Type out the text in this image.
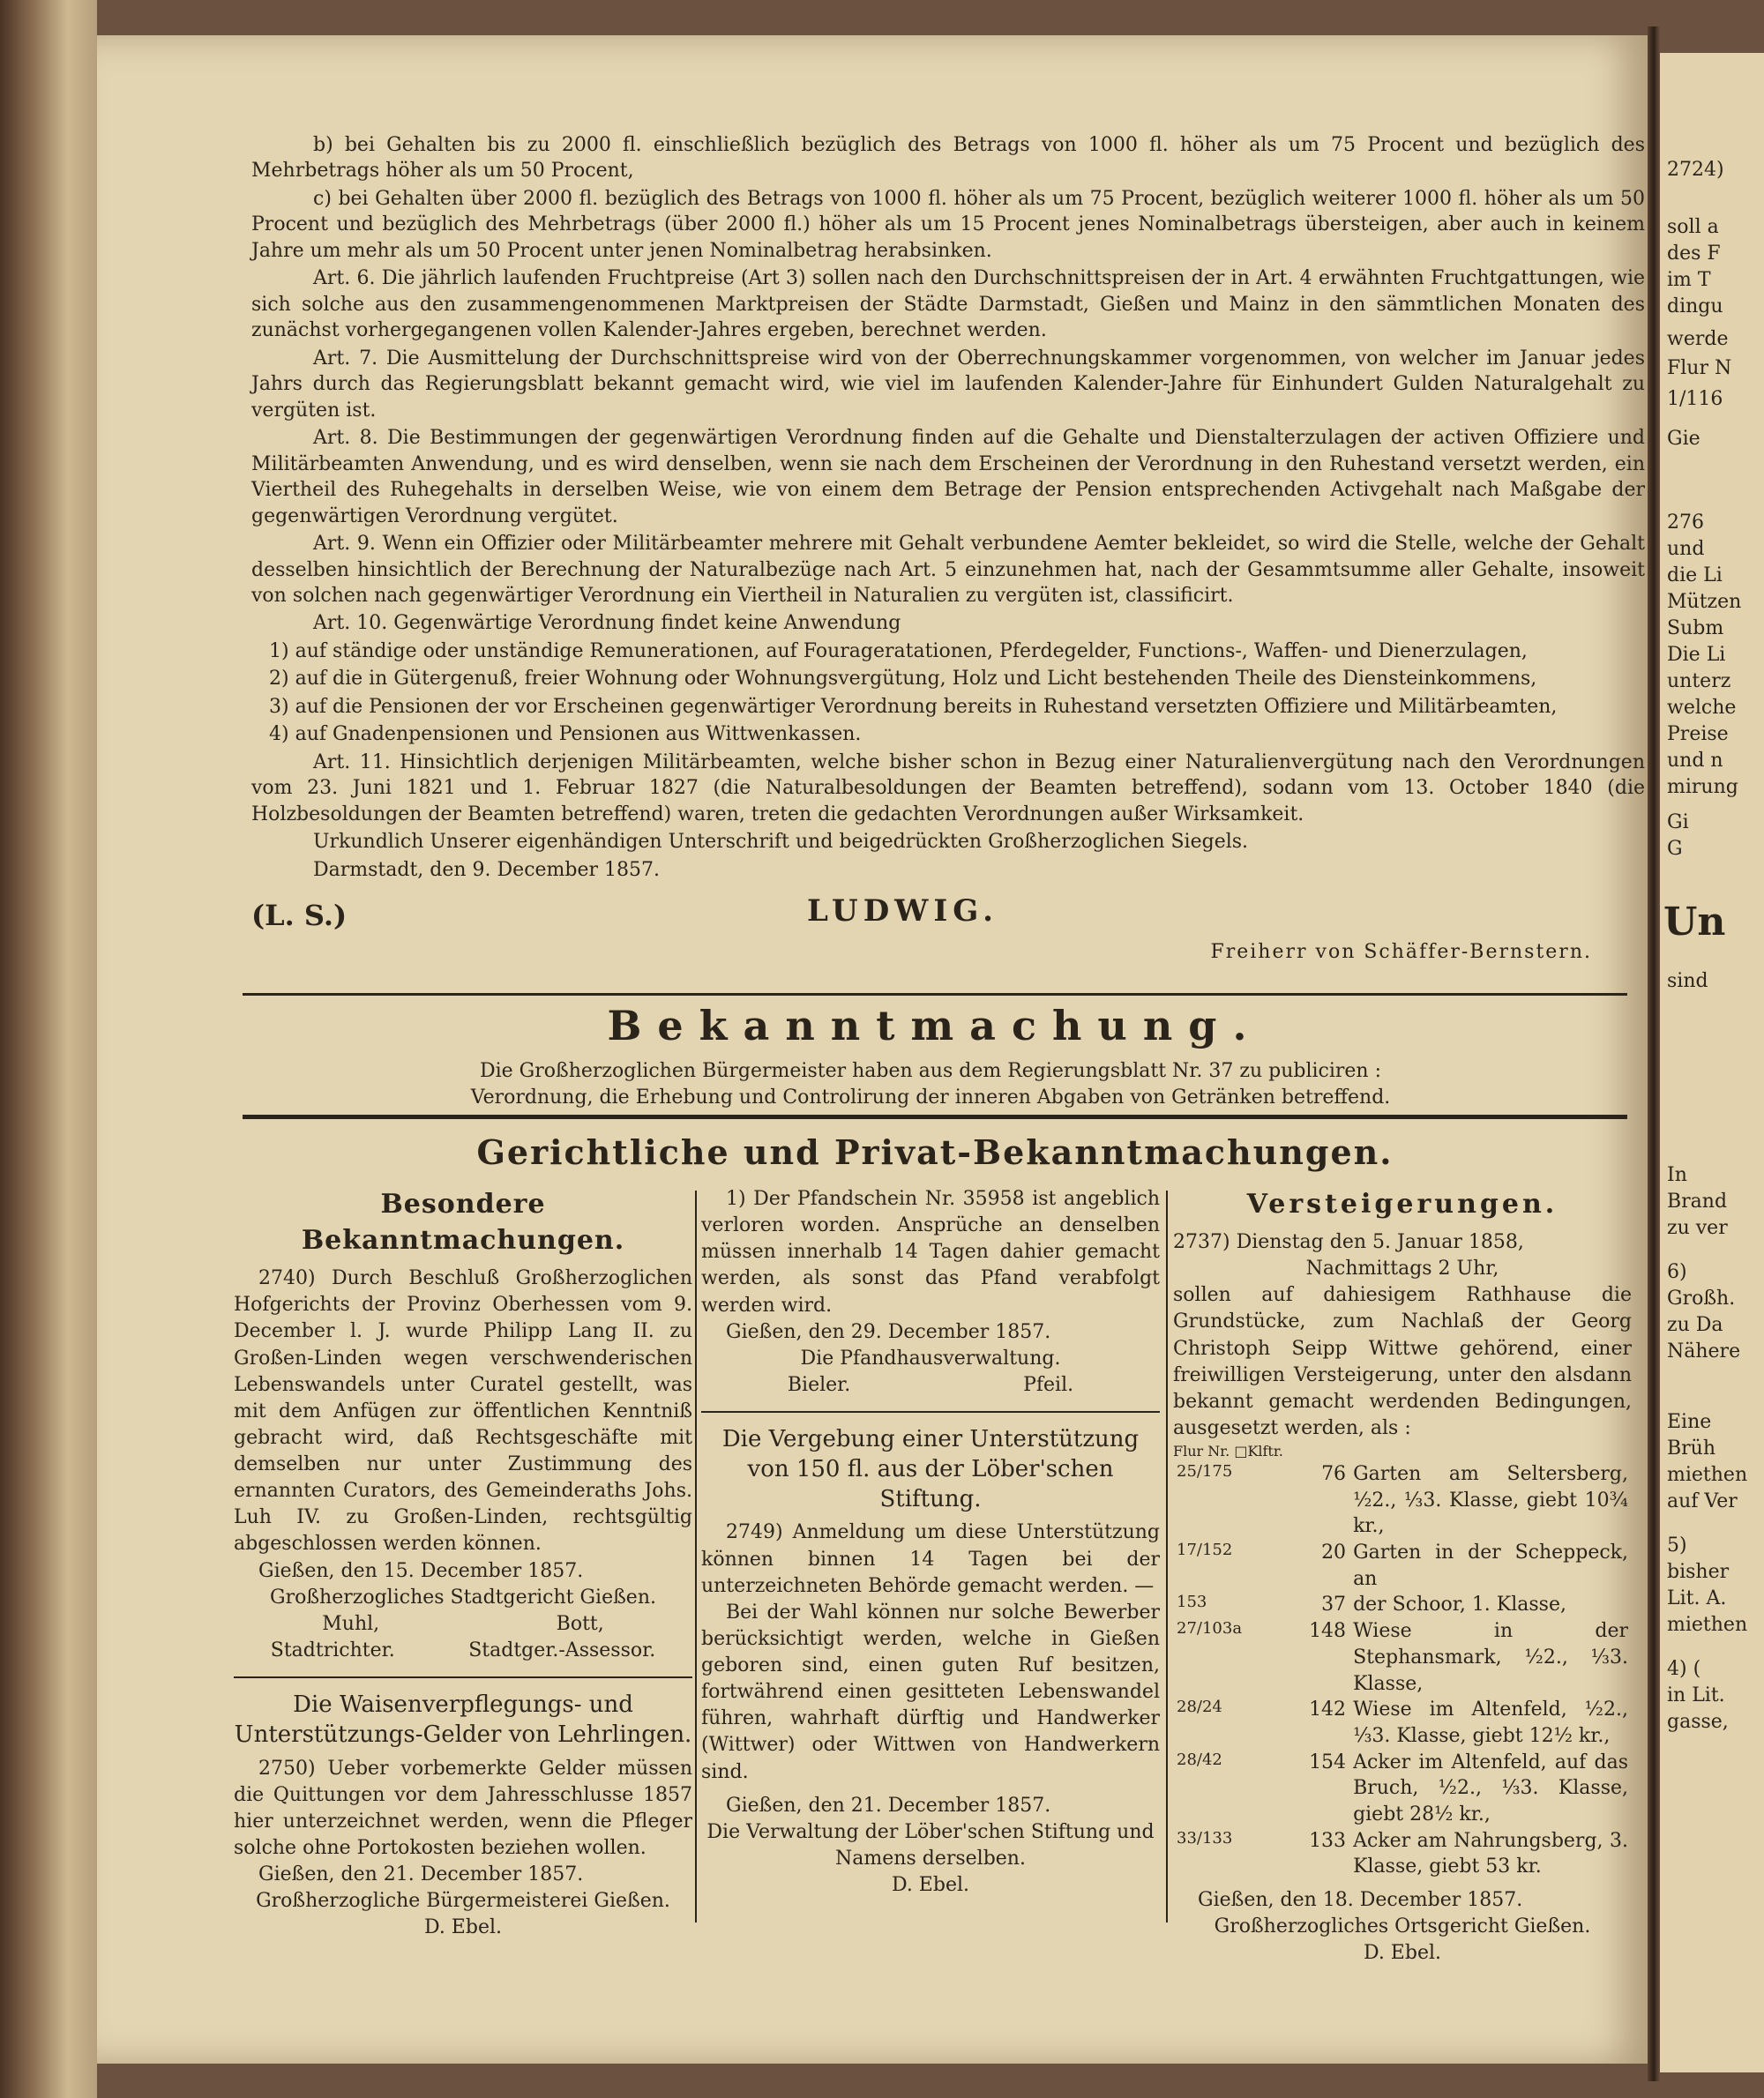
2724)
soll a
des F
im T
dingu
werde
Flur N
1/116
Gie
276
und
die Li
Mützen
Subm
Die Li
unterz
welche
Preise
und n
mirung
Gi
G
Un
sind
In
Brand
zu ver
6)
Großh.
zu Da
Nähere
Eine
Brüh
miethen
auf Ver
5)
bisher
Lit. A.
miethen
4) (
in Lit.
gasse,

b) bei Gehalten bis zu 2000 fl. einschließlich bezüglich des Betrags von 1000 fl. höher als um 75 Procent und bezüglich des Mehrbetrags höher als um 50 Procent,

c) bei Gehalten über 2000 fl. bezüglich des Betrags von 1000 fl. höher als um 75 Procent, bezüglich weiterer 1000 fl. höher als um 50 Procent und bezüglich des Mehrbetrags (über 2000 fl.) höher als um 15 Procent jenes Nominalbetrags übersteigen, aber auch in keinem Jahre um mehr als um 50 Procent unter jenen Nominalbetrag herabsinken.

Art. 6. Die jährlich laufenden Fruchtpreise (Art 3) sollen nach den Durchschnittspreisen der in Art. 4 erwähnten Fruchtgattungen, wie sich solche aus den zusammengenommenen Marktpreisen der Städte Darmstadt, Gießen und Mainz in den sämmtlichen Monaten des zunächst vorhergegangenen vollen Kalender-Jahres ergeben, berechnet werden.

Art. 7. Die Ausmittelung der Durchschnittspreise wird von der Oberrechnungskammer vorgenommen, von welcher im Januar jedes Jahrs durch das Regierungsblatt bekannt gemacht wird, wie viel im laufenden Kalender-Jahre für Einhundert Gulden Naturalgehalt zu vergüten ist.

Art. 8. Die Bestimmungen der gegenwärtigen Verordnung finden auf die Gehalte und Dienstalterzulagen der activen Offiziere und Militärbeamten Anwendung, und es wird denselben, wenn sie nach dem Erscheinen der Verordnung in den Ruhestand versetzt werden, ein Viertheil des Ruhegehalts in derselben Weise, wie von einem dem Betrage der Pension entsprechenden Activgehalt nach Maßgabe der gegenwärtigen Verordnung vergütet.

Art. 9. Wenn ein Offizier oder Militärbeamter mehrere mit Gehalt verbundene Aemter bekleidet, so wird die Stelle, welche der Gehalt desselben hinsichtlich der Berechnung der Naturalbezüge nach Art. 5 einzunehmen hat, nach der Gesammtsumme aller Gehalte, insoweit von solchen nach gegenwärtiger Verordnung ein Viertheil in Naturalien zu vergüten ist, classificirt.

Art. 10. Gegenwärtige Verordnung findet keine Anwendung

1) auf ständige oder unständige Remunerationen, auf Fourageratationen, Pferdegelder, Functions-, Waffen- und Dienerzulagen,

2) auf die in Gütergenuß, freier Wohnung oder Wohnungsvergütung, Holz und Licht bestehenden Theile des Diensteinkommens,

3) auf die Pensionen der vor Erscheinen gegenwärtiger Verordnung bereits in Ruhestand versetzten Offiziere und Militärbeamten,

4) auf Gnadenpensionen und Pensionen aus Wittwenkassen.

Art. 11. Hinsichtlich derjenigen Militärbeamten, welche bisher schon in Bezug einer Naturalienvergütung nach den Verordnungen vom 23. Juni 1821 und 1. Februar 1827 (die Naturalbesoldungen der Beamten betreffend), sodann vom 13. October 1840 (die Holzbesoldungen der Beamten betreffend) waren, treten die gedachten Verordnungen außer Wirksamkeit.

Urkundlich Unserer eigenhändigen Unterschrift und beigedrückten Großherzoglichen Siegels.

Darmstadt, den 9. December 1857.

(L. S.)	LUDWIG.
Freiherr von Schäffer-Bernstern.
Bekanntmachung.
Die Großherzoglichen Bürgermeister haben aus dem Regierungsblatt Nr. 37 zu publiciren :
Verordnung, die Erhebung und Controlirung der inneren Abgaben von Getränken betreffend.
Gerichtliche und Privat-Bekanntmachungen.
Besondere Bekanntmachungen.

2740) Durch Beschluß Großherzoglichen Hofgerichts der Provinz Oberhessen vom 9. December l. J. wurde Philipp Lang II. zu Großen-Linden wegen verschwenderischen Lebenswandels unter Curatel gestellt, was mit dem Anfügen zur öffentlichen Kenntniß gebracht wird, daß Rechtsgeschäfte mit demselben nur unter Zustimmung des ernannten Curators, des Gemeinderaths Johs. Luh IV. zu Großen-Linden, rechtsgültig abgeschlossen werden können.

Gießen, den 15. December 1857.

Großherzogliches Stadtgericht Gießen.

Muhl,	Bott,
Stadtrichter.	Stadtger.-Assessor.
Die Waisenverpflegungs- und Unterstützungs-Gelder von Lehrlingen.

2750) Ueber vorbemerkte Gelder müssen die Quittungen vor dem Jahresschlusse 1857 hier unterzeichnet werden, wenn die Pfleger solche ohne Portokosten beziehen wollen.

Gießen, den 21. December 1857.

Großherzogliche Bürgermeisterei Gießen.

D. Ebel.

1) Der Pfandschein Nr. 35958 ist angeblich verloren worden. Ansprüche an denselben müssen innerhalb 14 Tagen dahier gemacht werden, als sonst das Pfand verabfolgt werden wird.

Gießen, den 29. December 1857.

Die Pfandhausverwaltung.

Bieler.	Pfeil.
Die Vergebung einer Unterstützung von 150 fl. aus der Löber'schen Stiftung.

2749) Anmeldung um diese Unterstützung können binnen 14 Tagen bei der unterzeichneten Behörde gemacht werden. —

Bei der Wahl können nur solche Bewerber berücksichtigt werden, welche in Gießen geboren sind, einen guten Ruf besitzen, fortwährend einen gesitteten Lebenswandel führen, wahrhaft dürftig und Handwerker (Wittwer) oder Wittwen von Handwerkern sind.

Gießen, den 21. December 1857.

Die Verwaltung der Löber'schen Stiftung und Namens derselben.

D. Ebel.

Versteigerungen.

2737) Dienstag den 5. Januar 1858,

Nachmittags 2 Uhr,

sollen auf dahiesigem Rathhause die Grundstücke, zum Nachlaß der Georg Christoph Seipp Wittwe gehörend, einer freiwilligen Versteigerung, unter den alsdann bekannt gemacht werdenden Bedingungen, ausgesetzt werden, als :

Flur Nr. □Klftr.
25/175	76	Garten am Seltersberg, ½2., ⅓3. Klasse, giebt 10¾ kr.,
17/152	20	Garten in der Scheppeck, an
153	37	der Schoor, 1. Klasse,
27/103a	148	Wiese in der Stephansmark, ½2., ⅓3. Klasse,
28/24	142	Wiese im Altenfeld, ½2., ⅓3. Klasse, giebt 12½ kr.,
28/42	154	Acker im Altenfeld, auf das Bruch, ½2., ⅓3. Klasse, giebt 28½ kr.,
33/133	133	Acker am Nahrungsberg, 3. Klasse, giebt 53 kr.

Gießen, den 18. December 1857.

Großherzogliches Ortsgericht Gießen.

D. Ebel.
